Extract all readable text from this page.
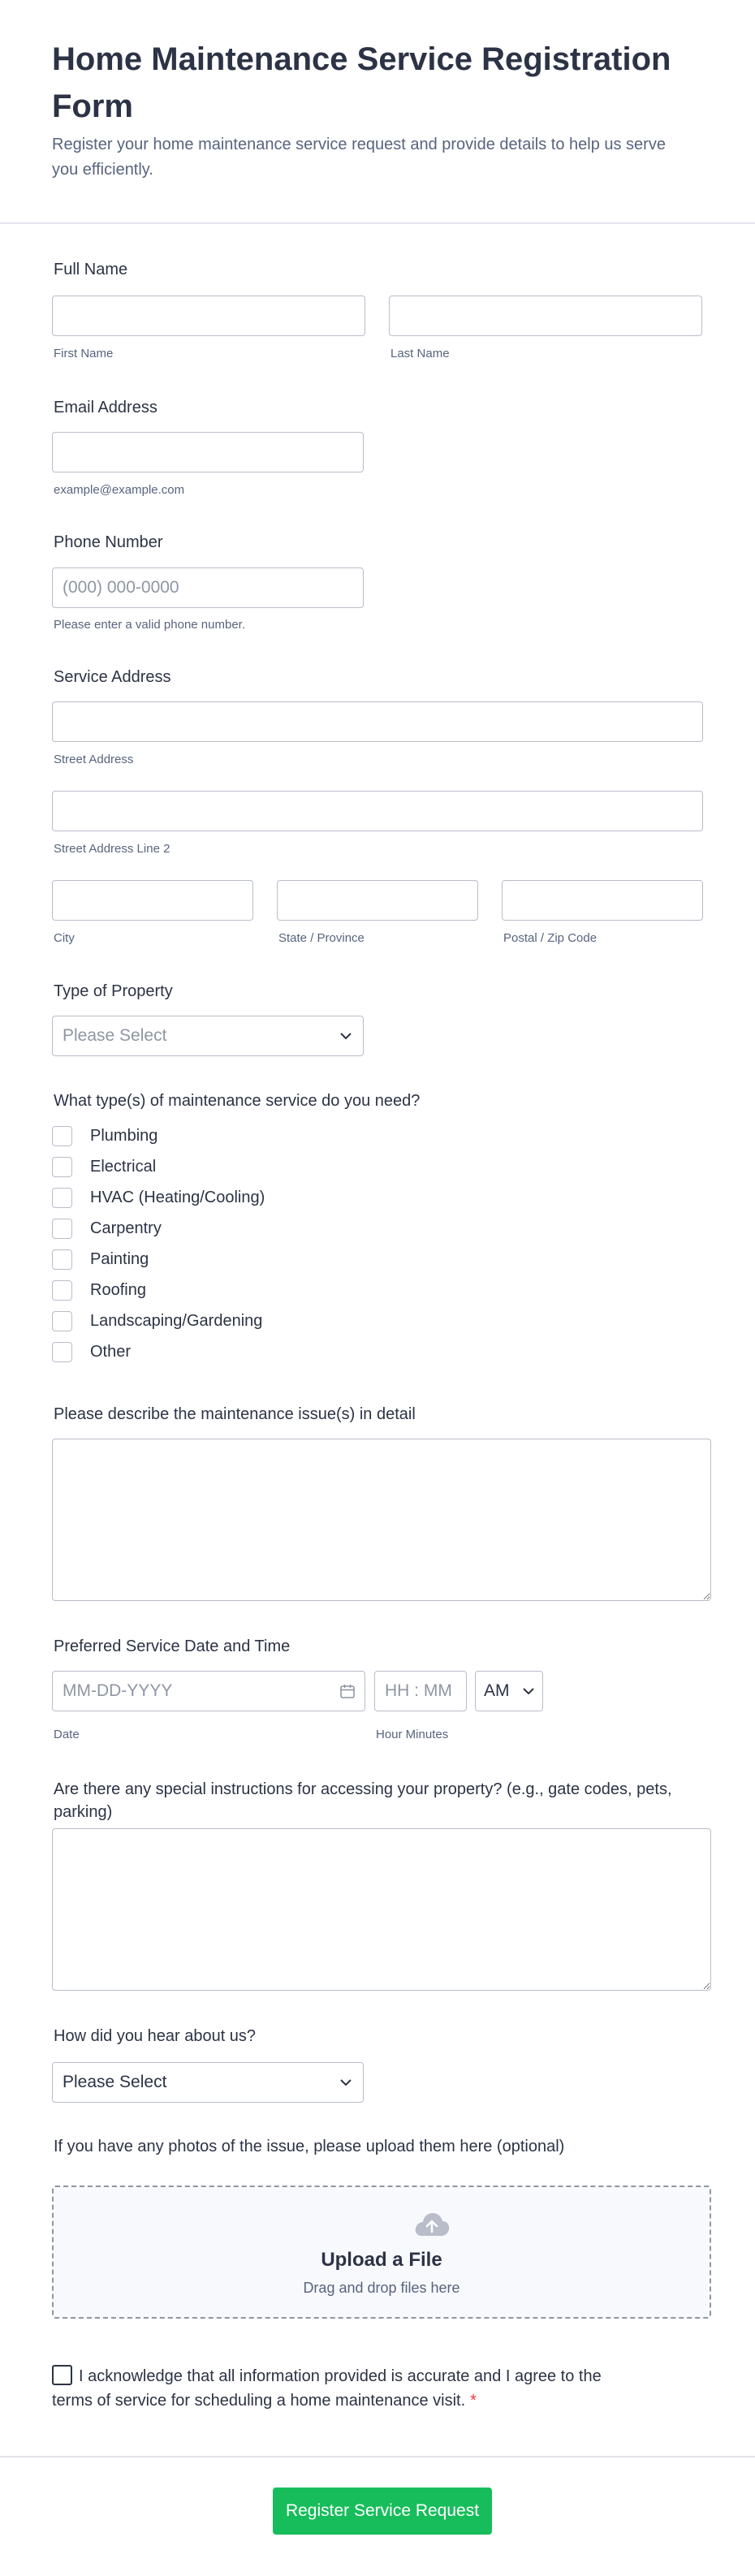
Home Maintenance Service Registration Form

Register your home maintenance service request and provide details to help us serve you efficiently.

Full Name
First Name	Last Name
Email Address
example@example.com
Phone Number
(000) 000-0000
Please enter a valid phone number.
Service Address
Street Address
Street Address Line 2
City	State / Province	Postal / Zip Code
Type of Property
Please Select
What type(s) of maintenance service do you need?
Plumbing
Electrical
HVAC (Heating/Cooling)
Carpentry
Painting
Roofing
Landscaping/Gardening
Other
Please describe the maintenance issue(s) in detail
Preferred Service Date and Time
MM-DD-YYYY
HH : MM
AM
Date	Hour Minutes
Are there any special instructions for accessing your property? (e.g., gate codes, pets, parking)
How did you hear about us?
Please Select
If you have any photos of the issue, please upload them here (optional)
Upload a File
Drag and drop files here
I acknowledge that all information provided is accurate and I agree to the terms of service for scheduling a home maintenance visit. *
Register Service Request
